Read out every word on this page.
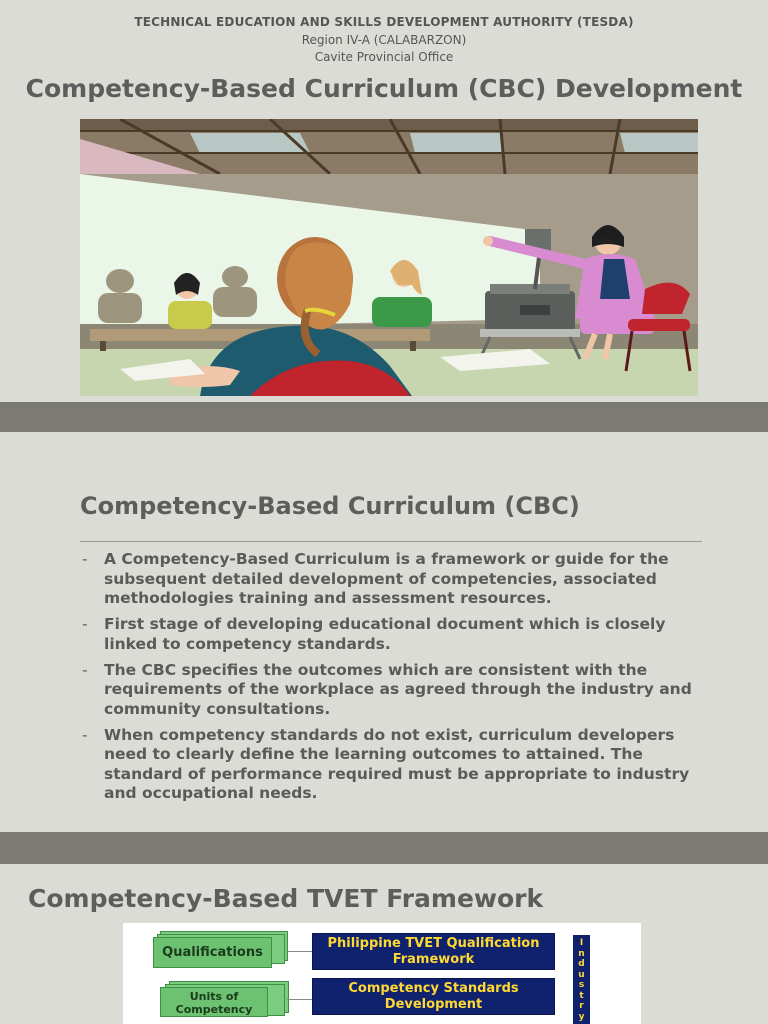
TECHNICAL EDUCATION AND SKILLS DEVELOPMENT AUTHORITY (TESDA)
Region IV-A (CALABARZON)
Cavite Provincial Office
Competency-Based Curriculum (CBC) Development
Competency-Based Curriculum (CBC)
- A Competency-Based Curriculum is a framework or guide for the subsequent detailed development of competencies, associated methodologies training and assessment resources.
- First stage of developing educational document which is closely linked to competency standards.
- The CBC specifies the outcomes which are consistent with the requirements of the workplace as agreed through the industry and community consultations.
- When competency standards do not exist, curriculum developers need to clearly define the learning outcomes to attained. The standard of performance required must be appropriate to industry and occupational needs.
Competency-Based TVET Framework
Qualifications
Units of Competency
Philippine TVET Qualification Framework
Competency Standards Development
Industry
